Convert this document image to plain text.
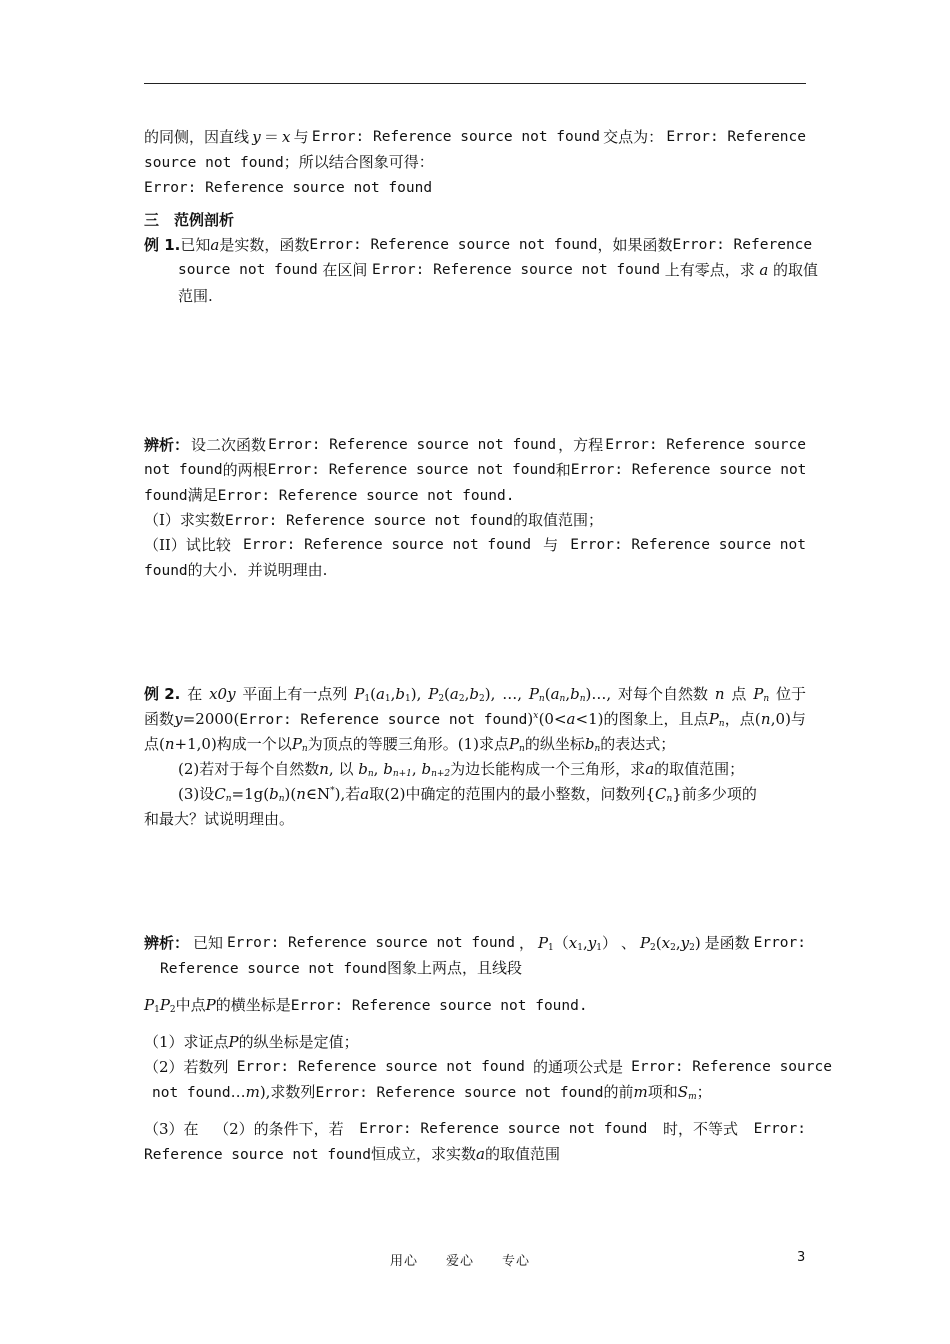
的同侧，因直线 y ＝ x 与 Error: Reference source not found 交点为： Error: Reference
source not found；所以结合图象可得：
Error: Reference source not found
三　范例剖析
例 1. 已知 a 是实数，函数 Error: Reference source not found ，如果函数 Error: Reference
source not found 在区间 Error: Reference source not found 上有零点，求 a 的取值
范围.
辨析： 设二次函数 Error: Reference source not found ，方程 Error: Reference source
not found 的两根 Error: Reference source not found 和 Error: Reference source not
found满足Error: Reference source not found.
（I）求实数Error: Reference source not found的取值范围；
（II）试比较 Error: Reference source not found 与 Error: Reference source not
found的大小．并说明理由.
例 2. 在 x0y 平面上有一点列 $P_1(a_1,b_1)$, $P_2(a_2,b_2)$, …, $P_n(a_n,b_n)\dots$, 对每个自然数 n 点 $P_n$ 位于
函数 y=2000(Error: Reference source not found)$^x$ (0<a<1)的图象上，且点 $P_n$ ，点( n ,0)与
点(n+1,0)构成一个以$P_n$为顶点的等腰三角形。(1)求点$P_n$的纵坐标$b_n$的表达式；
(2)若对于每个自然数n, 以 $b_n$, $b_{n+1}$, $b_{n+2}$为边长能构成一个三角形，求a的取值范围；
(3)设$C_n=1g(b_n)(n\in N^*)$,若a取(2)中确定的范围内的最小整数，问数列$\{C_n\}$前多少项的
和最大？试说明理由。
辨析： 已知 Error: Reference source not found ， $P_1(x_1,y_1)$ 、 $P_2(x_2,y_2)$ 是函数 Error:
Reference source not found图象上两点，且线段
$P_1P_2$中点P的横坐标是Error: Reference source not found.
（1）求证点P的纵坐标是定值；
（2）若数列 Error: Reference source not found 的通项公式是 Error: Reference source
not found…m),求数列Error: Reference source not found的前m项和$S_m$；
（3）在 （2）的条件下，若 Error: Reference source not found 时，不等式 Error:
Reference source not found恒成立，求实数a的取值范围
用心　　爱心　　专心	3
